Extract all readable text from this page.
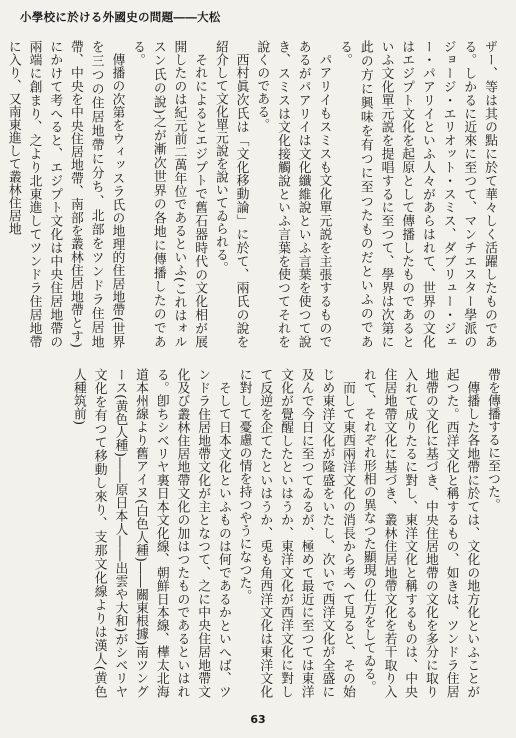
小學校に於ける外國史の問題――大松

ザー、等は其の點に於て華々しく活躍したものである。しかるに近來に至つて、マンチエスター學派のジョージ・エリオット・スミス、ダブリュー・ジェー・パアリイといふ人々があらはれて、世界の文化はエジプト文化を起原として傳播したものであるといふ文化單元説を提唱するに至つて、學界は次第に此の方に興味を有つに至つたものだといふのである。

パアリイもスミスも文化單元説を主張するものであるがパアリイは文化纖維說といふ言葉を使つて說き、スミスは文化接觸說といふ言葉を使つてそれを說くのである。

西村眞次氏は「文化移動論」に於て、兩氏の說を紹介して文化單元說を說いてゐられる。

それによるとエジプトで舊石器時代の文化相が展開したのは紀元前二萬年位であるといふ(これはォルスン氏の說)之が漸次世界の各地に傳播したのである。

傳播の次第をウィッスラ氏の地理的住居地帶(世界を三つの住居地帶に分ち、北部をツンドラ住居地帶、中央を中央住居地帶、南部を叢林住居地帶とす)にかけて考へると、エジプト文化は中央住居地帶の兩端に創まり、之より北東進してツンドラ住居地帶に入り、又南東進して叢林住居地

帶を傳播するに至つた。

傳播した各地帶に於ては、文化の地方化といふことが起つた。西洋文化と稱するもの、如きは、ツンドラ住居地帶の文化に基づき、中央住居地帶の文化を多分に取り入れて成りたるに對し、東洋文化と稱するものは、中央住居地帶文化に基づき、叢林住居地帶文化を若干取り入れて、それぞれ形相の異なつた顯現の仕方をしてゐる。

而して東西兩洋文化の消長から考へて見ると、その始じめ東洋文化が隆盛をいたし、次いで西洋文化が全盛に及んで今日に至つてゐるが、極めて最近に至つては東洋文化が覺醒したといはうか、東洋文化が西洋文化に對して反逆を企てたといはうか、兎も角西洋文化は東洋文化に對して憂慮の情を持つやうになつた。

そして日本文化といふものは何であるかといへば、ツンドラ住居地帶文化が主となつて、之に中央住居地帶文化及び叢林住居地帶文化の加はつたものであるといはれる。卽ちシベリヤ裏日本文化線、朝鮮日本線、樺太北海道本州線より舊アイヌ(白色人種)――關東根據)南ツングース(黄色人種)――原日本人――出雲や大和)がシベリヤ文化を有つて移動し來り、支那文化線よりは漢人(黄色人種筑前)

63
